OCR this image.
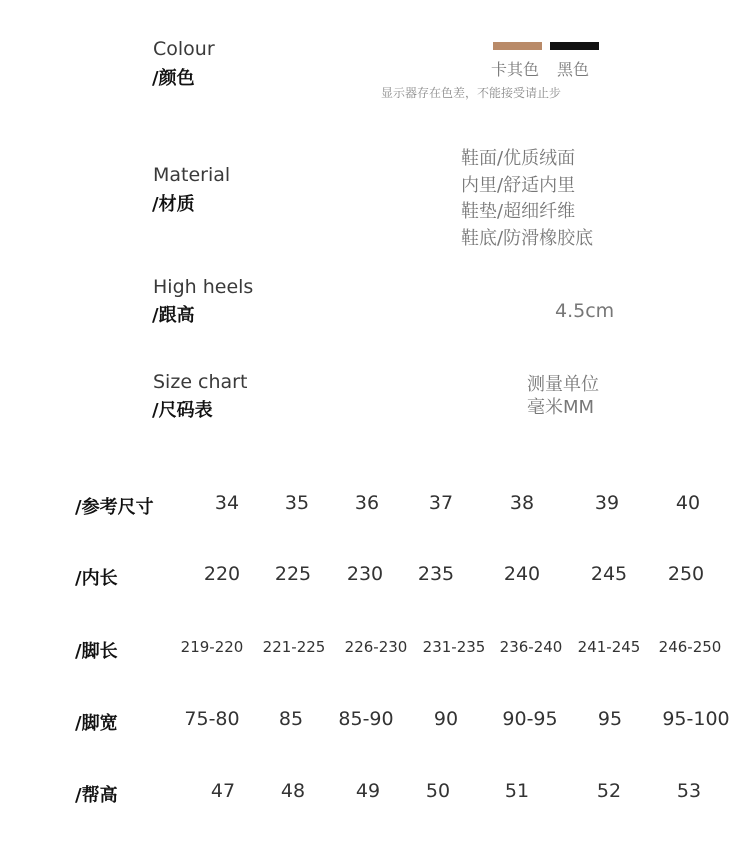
Colour
/颜色	卡其色 黑色
显示器存在色差，不能接受请止步
Material
/材质
鞋面/优质绒面
内里/舒适内里
鞋垫/超细纤维
鞋底/防滑橡胶底
High heels
/跟高	4.5cm
Size chart
/尺码表
测量单位
毫米MM
/参考尺寸	34 35 36	37	38	39	40
/内长	220 225 230 235	240	245 250
/脚长	219-220 221-225 226-230 231-235 236-240 241-245 246-250
/脚宽	75-80 85 85-90 90 90-95 95 95-100
/帮高	47 48	49 50	51	52	53
